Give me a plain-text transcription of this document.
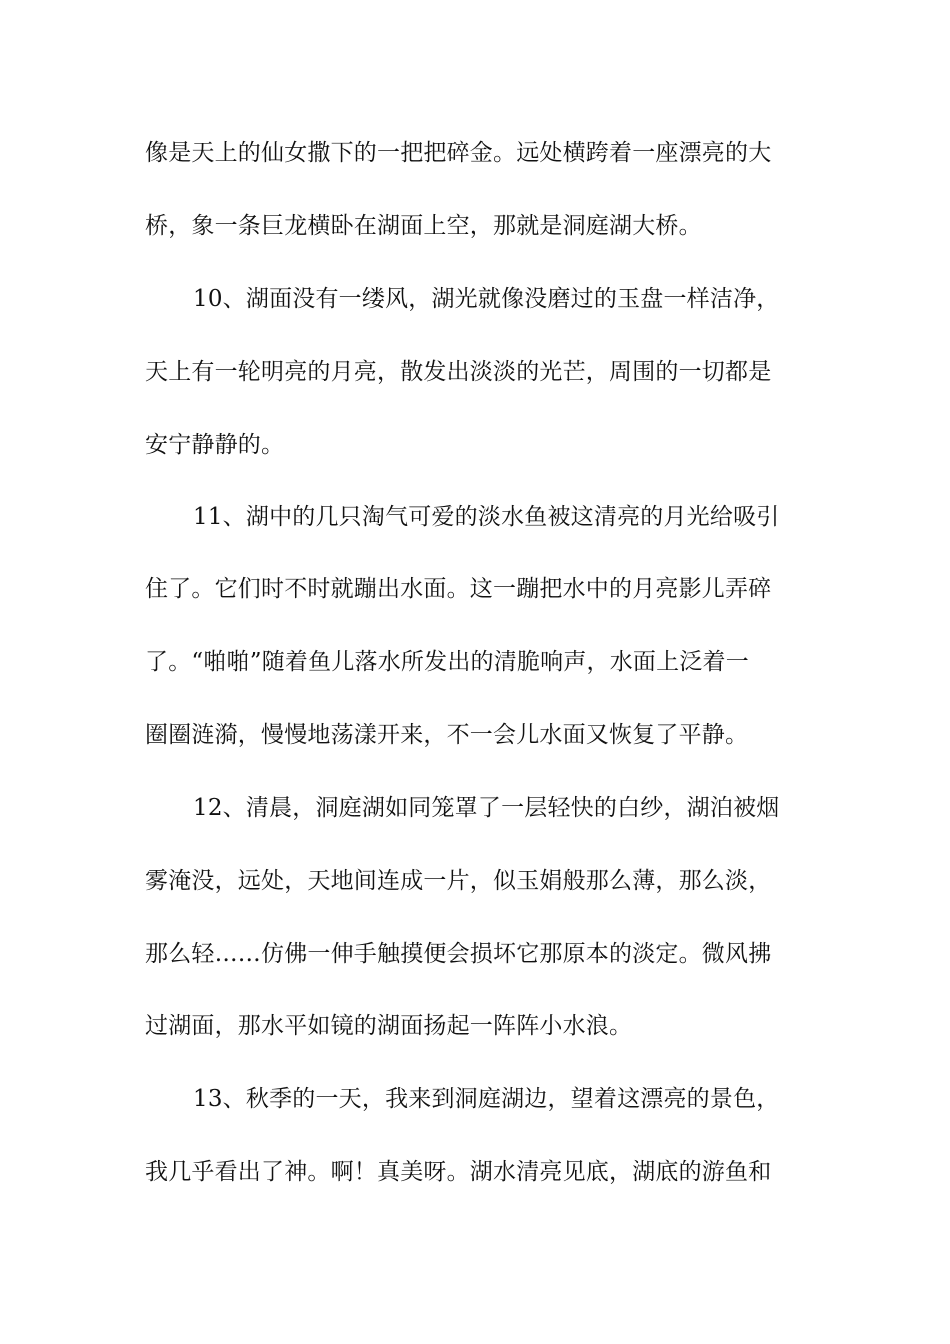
像是天上的仙女撒下的一把把碎金。远处横跨着一座漂亮的大
桥，象一条巨龙横卧在湖面上空，那就是洞庭湖大桥。
10、湖面没有一缕风，湖光就像没磨过的玉盘一样洁净，
天上有一轮明亮的月亮，散发出淡淡的光芒，周围的一切都是
安宁静静的。
11、湖中的几只淘气可爱的淡水鱼被这清亮的月光给吸引
住了。它们时不时就蹦出水面。这一蹦把水中的月亮影儿弄碎
了。“啪啪”随着鱼儿落水所发出的清脆响声，水面上泛着一
圈圈涟漪，慢慢地荡漾开来，不一会儿水面又恢复了平静。
12、清晨，洞庭湖如同笼罩了一层轻快的白纱，湖泊被烟
雾淹没，远处，天地间连成一片，似玉娟般那么薄，那么淡，
那么轻……仿佛一伸手触摸便会损坏它那原本的淡定。微风拂
过湖面，那水平如镜的湖面扬起一阵阵小水浪。
13、秋季的一天，我来到洞庭湖边，望着这漂亮的景色，
我几乎看出了神。啊！真美呀。湖水清亮见底，湖底的游鱼和
